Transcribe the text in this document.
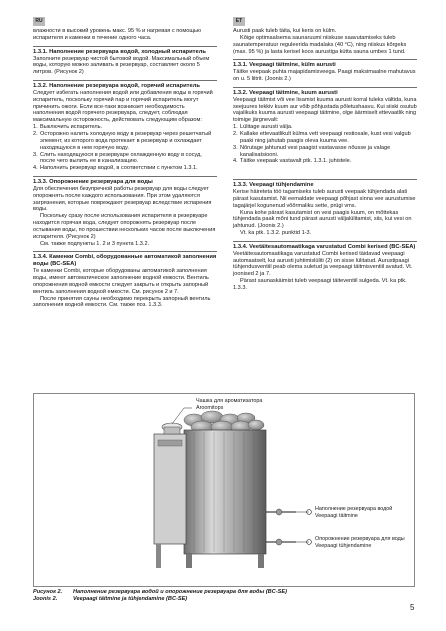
RU	ET

влажности в высокий уровень макс. 95 % и нагревая с помощью испарителя и каменки в течение одного часа.

1.3.1. Наполнение резервуара водой, холодный испаритель

Заполните резервуар чистой бытовой водой. Максимальный объем воды, которую можно заливать в резервуар, составляет около 5 литров. (Рисунок 2)

1.3.2. Наполнение резервуара водой, горячий испаритель

Следует избегать наполнения водой или добавления воды в горячий испаритель, поскольку горячий пар и горячий испаритель могут причинить ожоги. Если все-таки возникает необходимость наполнения водой горячего резервуара, следует, соблюдая максимальную осторожность, действовать следующим образом:

1. Выключить испаритель.
2. Осторожно налить холодную воду в резервуар через решетчатый элемент, из которого вода протекает в резервуар и охлаждает находящуюся в нем горячую воду.
3. Слить находящуюся в резервуаре охлажденную воду в сосуд, после чего вылить ее в канализацию.
4. Наполнить резервуар водой, в соответствии с пунктом 1.3.1.
1.3.3. Опорожнение резервуара для воды

Для обеспечения безупречной работы резервуар для воды следует опорожнять после каждого использования. При этом удаляются загрязнения, которые повреждают резервуар вследствие испарения воды.

Поскольку сразу после использования испарителя в резервуаре находится горячая вода, следует опорожнять резервуар после остывания воды, по прошествии нескольких часов после выключения испарителя. (Рисунок 2)

См. также подпункты 1. 2 и 3 пункта 1.3.2.

1.3.4. Каменки Combi, оборудованные автоматикой заполнения воды (BC-SEA)

Те каменки Combi, которые оборудованы автоматикой заполнения воды, имеют автоматическое заполнение водной емкости. Вентиль опорожнения водной емкости следует закрыть и открыть запорный вентиль заполнения водной емкости. См. рисунок 2 и 7.

После принятия сауны необходимо перекрыть запорный вентиль заполнения водной емкости. См. также поз. 1.3.3.

Aurusti paak tuleb täita, kui keris on külm.

Kõige optimaalsema saunaruumi niiskuse saavutamiseks tuleb saunatemperatuur reguleerida madalaks (40 °C), ning niiskus kõrgeks (max. 95 %) ja lasta kerisel koos aurustiga kütta sauna umbes 1 tund.

1.3.1. Veepaagi täitmine, külm aurusti

Täitke veepaak puhta majapidamisveega. Paagi maksimaalne mahutavus on u. 5 liitrit. (Joonis 2.)

1.3.2. Veepaagi täitmine, kuum aurusti

Veepaagi täitmist või vee lisamist kuuma aurusti korral tuleks vältida, kuna seejuures tekkiv kuum aur võib põhjustada põletushaavu. Kui siiski osutub vajalikuks kuuma aurusti veepaagi täitmine, olge äärmiselt ettevaatlik ning toimige järgnevalt:

1. Lülitage aurusti välja.
2. Kallake ettevaatlikult külma vett veepaagi restiosale, kust vesi valgub paaki ning jahutab paagis oleva kuuma vee.
3. Nõrutage jahtunud vesi paagist vastavasse nõusse ja valage kanalisatsiooni.
4. Täitke veepaak vastavalt ptk. 1.3.1. juhistele.
1.3.3. Veepaagi tühjendamine

Kerise häireteta töö tagamiseks tuleb aurusti veepaak tühjendada alati pärast kasutamist. Nii eemaldate veepaagi põhjast sinna vee aurustumise tagajärjel kogunenud võõrmaliku sette, prügi vms.

Kuna kohe pärast kasutamist on vesi paagis kuum, on mõttekas tühjendada paak mõni tund pärast aurusti väljalülitamist, siis, kui vesi on jahtunud. (Joonis 2.)

Vt. ka ptk. 1.3.2. punktid 1-3.

1.3.4. Veetäitesautomaatikaga varustatud Combi kerised (BC-SEA)

Veetäitesautomaatikaga varustatud Combi kerised täidavad veepaagi automaatselt, kui aurusti juhtimislüliti (2) on sisse lülitatud. Aurustipaagi tühjendusventiil peab olema suletud ja veepaagi täitmisventiil avatud. Vt. joonised 2 ja 7.

Pärast saunaskäimist tuleb veepaagi täiteventiil sulgeda. Vt. ka ptk. 1.3.3.

Чашка для ароматизатора
Aroomitops
Наполнение резервуара водой
Veepaagi täitmine
Опорожнение резервуара для воды
Veepaagi tühjendamine
Рисунок 2.	Наполнение резервуара водой и опорожнение резервуара для воды (BC-SE)
Joonis 2.	Veepaagi täitmine ja tühjendamine (BC-SE)
5
